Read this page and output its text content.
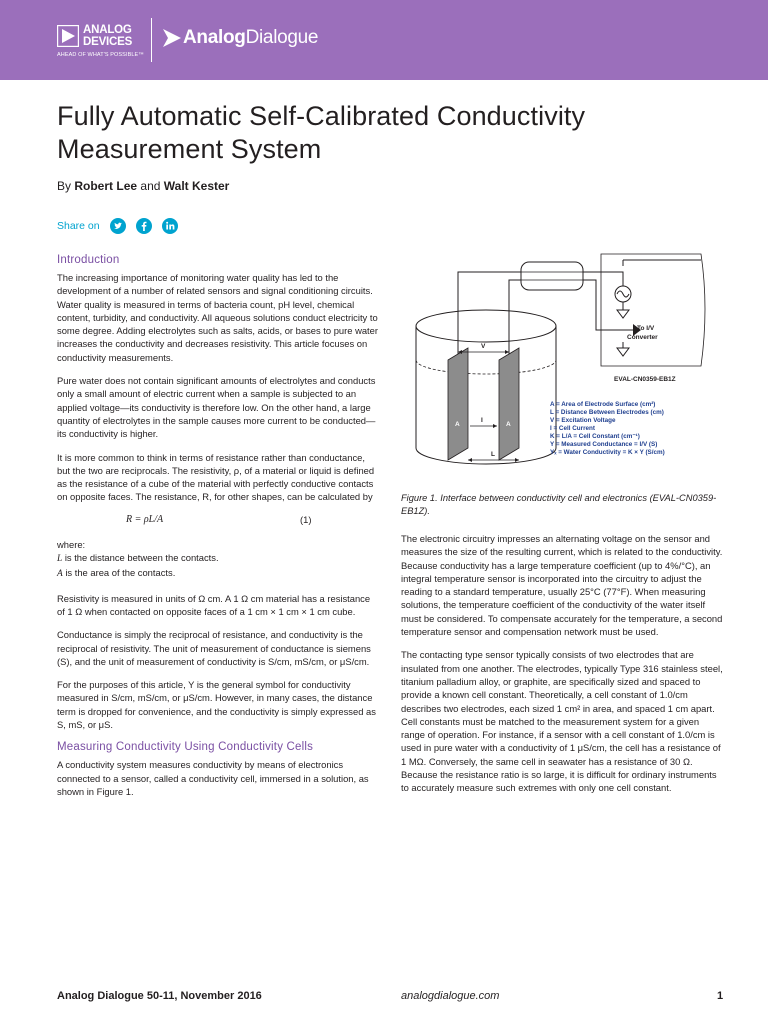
ANALOG
DEVICES
AHEAD OF WHAT'S POSSIBLE™
AnalogDialogue
Fully Automatic Self-Calibrated Conductivity Measurement System
By Robert Lee and Walt Kester
Share on
Introduction

The increasing importance of monitoring water quality has led to the development of a number of related sensors and signal conditioning circuits. Water quality is measured in terms of bacteria count, pH level, chemical content, turbidity, and conductivity. All aqueous solutions conduct electricity to some degree. Adding electrolytes such as salts, acids, or bases to pure water increases the conductivity and decreases resistivity. This article focuses on conductivity measurements.

Pure water does not contain significant amounts of electrolytes and conducts only a small amount of electric current when a sample is subjected to an applied voltage—its conductivity is therefore low. On the other hand, a large quantity of electrolytes in the sample causes more current to be conducted—its conductivity is higher.

It is more common to think in terms of resistance rather than conductance, but the two are reciprocals. The resistivity, ρ, of a material or liquid is defined as the resistance of a cube of the material with perfectly conductive contacts on opposite faces. The resistance, R, for other shapes, can be calculated by

R = ρL/A	(1)
where:
L is the distance between the contacts.
A is the area of the contacts.

Resistivity is measured in units of Ω cm. A 1 Ω cm material has a resistance of 1 Ω when contacted on opposite faces of a 1 cm × 1 cm × 1 cm cube.

Conductance is simply the reciprocal of resistance, and conductivity is the reciprocal of resistivity. The unit of measurement of conductance is siemens (S), and the unit of measurement of conductivity is S/cm, mS/cm, or μS/cm.

For the purposes of this article, Y is the general symbol for conductivity measured in S/cm, mS/cm, or μS/cm. However, in many cases, the distance term is dropped for convenience, and the conductivity is simply expressed as S, mS, or μS.

Measuring Conductivity Using Conductivity Cells

A conductivity system measures conductivity by means of electronics connected to a sensor, called a conductivity cell, immersed in a solution, as shown in Figure 1.

To I/V
Converter
EVAL-CN0359-EB1Z
V
I
A	A
L
A = Area of Electrode Surface (cm²)
L = Distance Between Electrodes (cm)
V = Excitation Voltage
I = Cell Current
K = L/A = Cell Constant (cm⁻¹)
Y = Measured Conductance = I/V (S)
Yₓ = Water Conductivity = K × Y (S/cm)

Figure 1. Interface between conductivity cell and electronics (EVAL-CN0359-EB1Z).

The electronic circuitry impresses an alternating voltage on the sensor and measures the size of the resulting current, which is related to the conductivity. Because conductivity has a large temperature coefficient (up to 4%/°C), an integral temperature sensor is incorporated into the circuitry to adjust the reading to a standard temperature, usually 25°C (77°F). When measuring solutions, the temperature coefficient of the conductivity of the water itself must be considered. To compensate accurately for the temperature, a second temperature sensor and compensation network must be used.

The contacting type sensor typically consists of two electrodes that are insulated from one another. The electrodes, typically Type 316 stainless steel, titanium palladium alloy, or graphite, are specifically sized and spaced to provide a known cell constant. Theoretically, a cell constant of 1.0/cm describes two electrodes, each sized 1 cm² in area, and spaced 1 cm apart. Cell constants must be matched to the measurement system for a given range of operation. For instance, if a sensor with a cell constant of 1.0/cm is used in pure water with a conductivity of 1 μS/cm, the cell has a resistance of 1 MΩ. Conversely, the same cell in seawater has a resistance of 30 Ω. Because the resistance ratio is so large, it is difficult for ordinary instruments to accurately measure such extremes with only one cell constant.

Analog Dialogue 50-11, November 2016	analogdialogue.com	1
